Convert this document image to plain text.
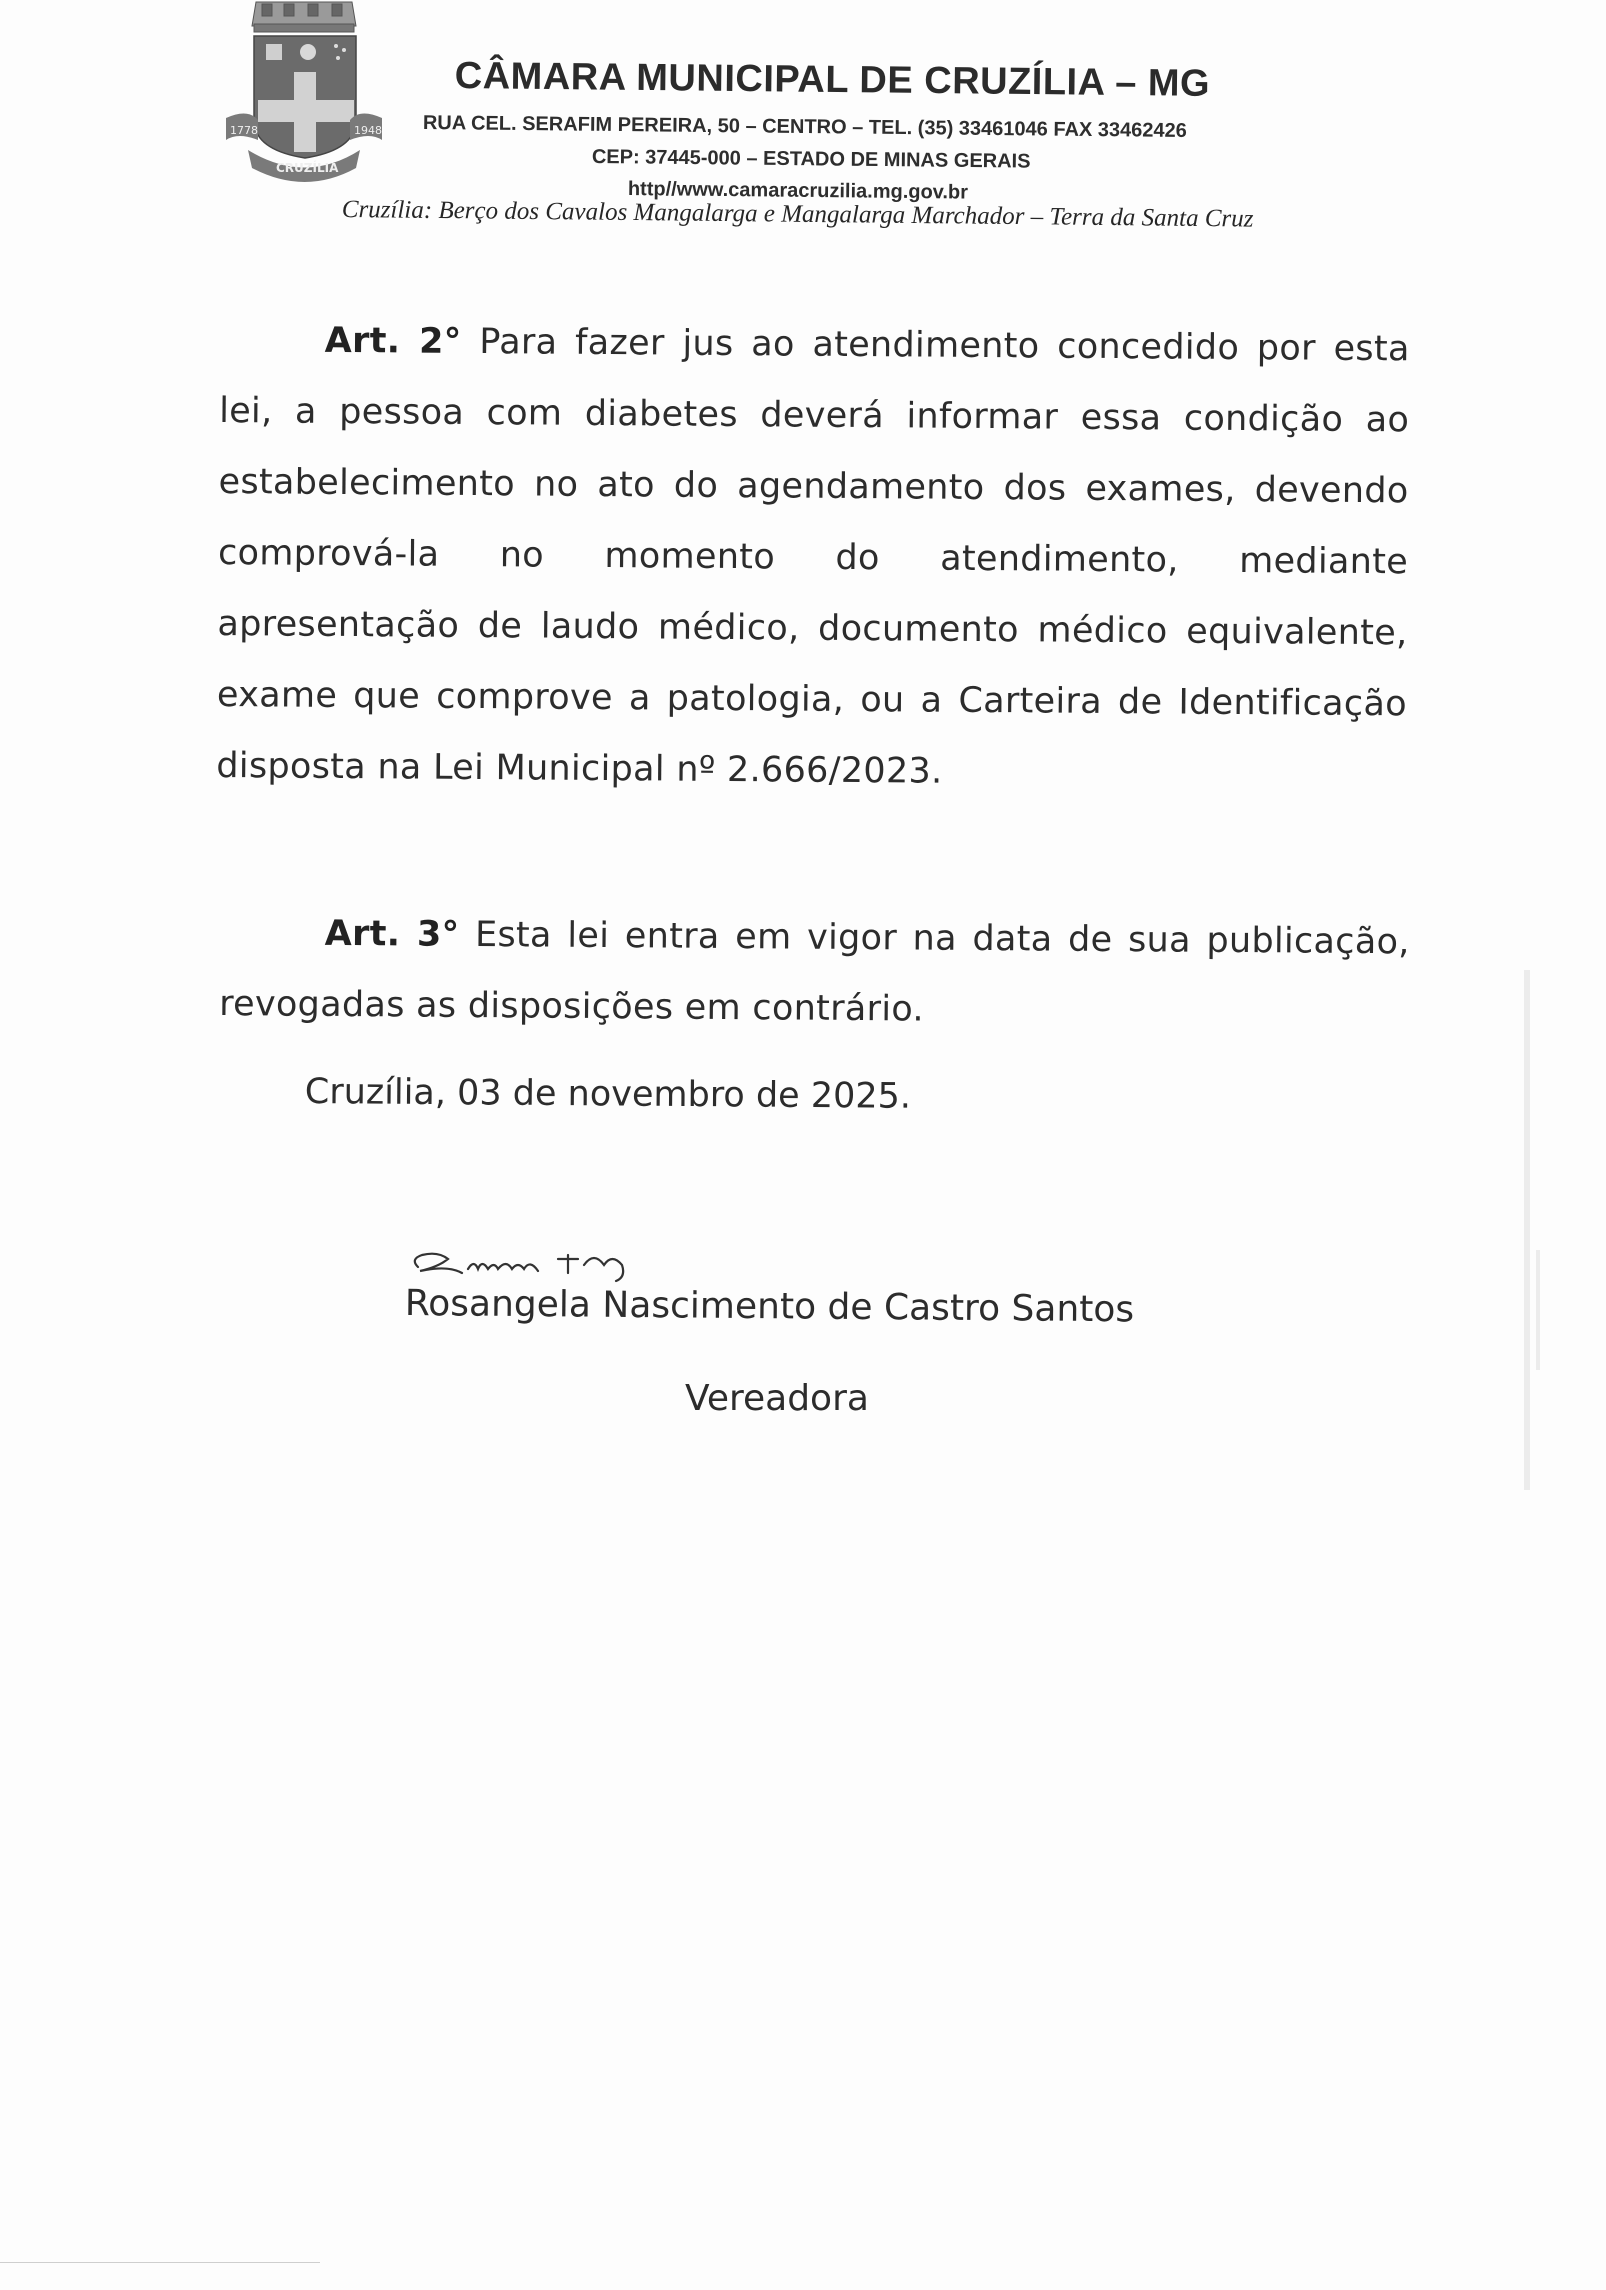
1778	1948
CRUZÍLIA
CÂMARA MUNICIPAL DE CRUZÍLIA – MG
RUA CEL. SERAFIM PEREIRA, 50 – CENTRO – TEL. (35) 33461046 FAX 33462426
CEP: 37445-000 – ESTADO DE MINAS GERAIS
http//www.camaracruzilia.mg.gov.br
Cruzília: Berço dos Cavalos Mangalarga e Mangalarga Marchador – Terra da Santa Cruz

Art. 2° Para fazer jus ao atendimento concedido por esta lei, a pessoa com diabetes deverá informar essa condição ao estabelecimento no ato do agendamento dos exames, devendo comprová-la no momento do atendimento, mediante apresentação de laudo médico, documento médico equivalente, exame que comprove a patologia, ou a Carteira de Identificação disposta na Lei Municipal nº 2.666/2023.

Art. 3° Esta lei entra em vigor na data de sua publicação, revogadas as disposições em contrário.

Cruzília, 03 de novembro de 2025.
Rosangela Nascimento de Castro Santos
Vereadora
